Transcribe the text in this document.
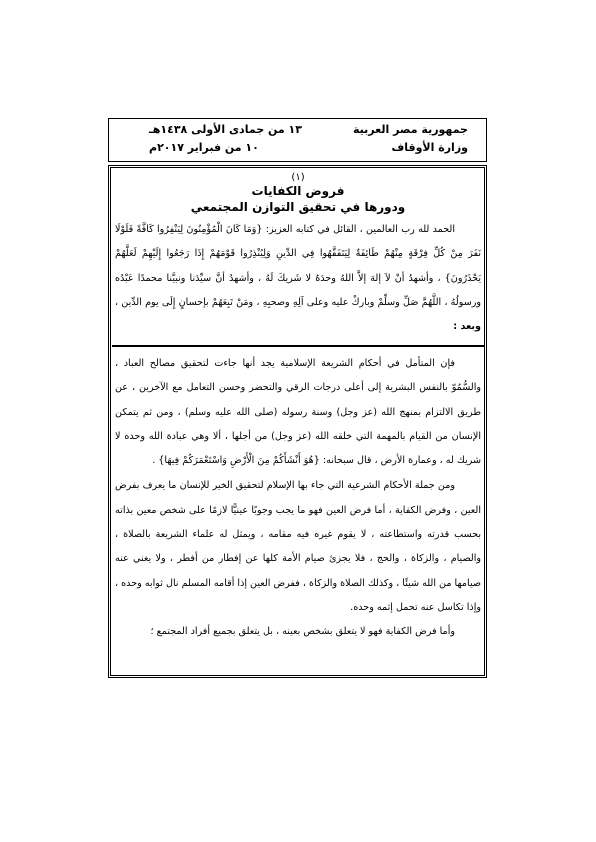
جمهورية مصر العربية
وزارة الأوقاف
١٣ من جمادى الأولى ١٤٣٨هـ
١٠ من فبراير ٢٠١٧م

(١)

فروض الكفايات

ودورها في تحقيق التوازن المجتمعي

الحمد لله رب العالمين ، القائل في كتابه العزيز: {وَمَا كَانَ الْمُؤْمِنُونَ لِيَنْفِرُوا كَافَّةً فَلَوْلَا نَفَرَ مِنْ كُلِّ فِرْقَةٍ مِنْهُمْ طَائِفَةٌ لِيَتَفَقَّهُوا فِي الدِّينِ وَلِيُنْذِرُوا قَوْمَهُمْ إِذَا رَجَعُوا إِلَيْهِمْ لَعَلَّهُمْ يَحْذَرُونَ} ، وأشهدُ أنْ لاَ إلهَ إلاَّ اللهُ وحدَهُ لا شَريكَ لَهُ ، وأشهدُ أنَّ سيِّدَنا ونبيَّنا محمدًا عَبْدُه ورسولُهُ ، اللَّهُمَّ صَلِّ وسلِّمْ وباركْ عليه وعلى آلِهِ وصحبِهِ ، ومَنْ تَبِعَهُمْ بإحسانٍ إِلَى يوم الدِّين ، وبعد :

فإن المتأمل في أحكام الشريعة الإسلامية يجد أنها جاءت لتحقيق مصالح العباد ، والسُّمُوّ بالنفس البشرية إلى أعلى درجات الرقي والتحضر وحسن التعامل مع الآخرين ، عن طريق الالتزام بمنهج الله (عز وجل) وسنة رسوله (صلى الله عليه وسلم) ، ومن ثم يتمكن الإنسان من القيام بالمهمة التي خلقه الله (عز وجل) من أجلها ، ألا وهي عبادة الله وحده لا شريك له ، وعمارة الأرض ، قال سبحانه: {هُوَ أَنْشَأَكُمْ مِنَ الْأَرْضِ وَاسْتَعْمَرَكُمْ فِيهَا} .

ومن جملة الأحكام الشرعية التي جاء بها الإسلام لتحقيق الخير للإنسان ما يعرف بفرض العين ، وفرض الكفاية ، أما فرض العين فهو ما يجب وجوبًا عينيًّا لازمًا على شخص معين بذاته بحسب قدرته واستطاعته ، لا يقوم غيره فيه مقامه ، ويمثل له علماء الشريعة بالصلاة ، والصيام ، والزكاة ، والحج ، فلا يجزئ صيام الأمة كلها عن إفطار من أفطر ، ولا يغني عنه صيامها من الله شيئًا ، وكذلك الصلاة والزكاة ، ففرض العين إذا أقامه المسلم نال ثوابه وحده ، وإذا تكاسل عنه تحمل إثمه وحده.

وأما فرض الكفاية فهو لا يتعلق بشخص بعينه ، بل يتعلق بجميع أفراد المجتمع ؛
